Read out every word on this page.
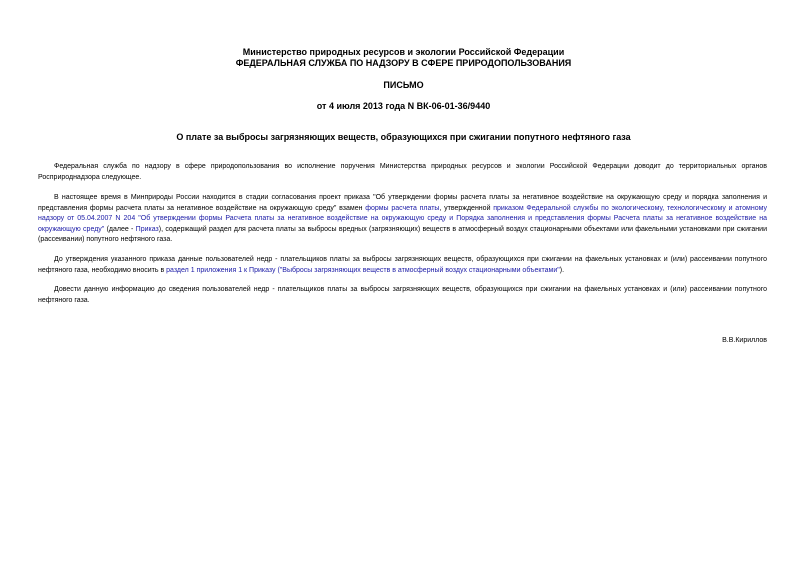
Министерство природных ресурсов и экологии Российской Федерации
ФЕДЕРАЛЬНАЯ СЛУЖБА ПО НАДЗОРУ В СФЕРЕ ПРИРОДОПОЛЬЗОВАНИЯ
ПИСЬМО
от 4 июля 2013 года N ВК-06-01-36/9440
О плате за выбросы загрязняющих веществ, образующихся при сжигании попутного нефтяного газа

Федеральная служба по надзору в сфере природопользования во исполнение поручения Министерства природных ресурсов и экологии Российской Федерации доводит до территориальных органов Росприроднадзора следующее.

В настоящее время в Минприроды России находится в стадии согласования проект приказа "Об утверждении формы расчета платы за негативное воздействие на окружающую среду и порядка заполнения и представления формы расчета платы за негативное воздействие на окружающую среду" взамен формы расчета платы, утвержденной приказом Федеральной службы по экологическому, технологическому и атомному надзору от 05.04.2007 N 204 "Об утверждении формы Расчета платы за негативное воздействие на окружающую среду и Порядка заполнения и представления формы Расчета платы за негативное воздействие на окружающую среду" (далее - Приказ), содержащий раздел для расчета платы за выбросы вредных (загрязняющих) веществ в атмосферный воздух стационарными объектами или факельными установками при сжигании (рассеивании) попутного нефтяного газа.

До утверждения указанного приказа данные пользователей недр - плательщиков платы за выбросы загрязняющих веществ, образующихся при сжигании на факельных установках и (или) рассеивании попутного нефтяного газа, необходимо вносить в раздел 1 приложения 1 к Приказу ("Выбросы загрязняющих веществ в атмосферный воздух стационарными объектами").

Довести данную информацию до сведения пользователей недр - плательщиков платы за выбросы загрязняющих веществ, образующихся при сжигании на факельных установках и (или) рассеивании попутного нефтяного газа.

В.В.Кириллов
